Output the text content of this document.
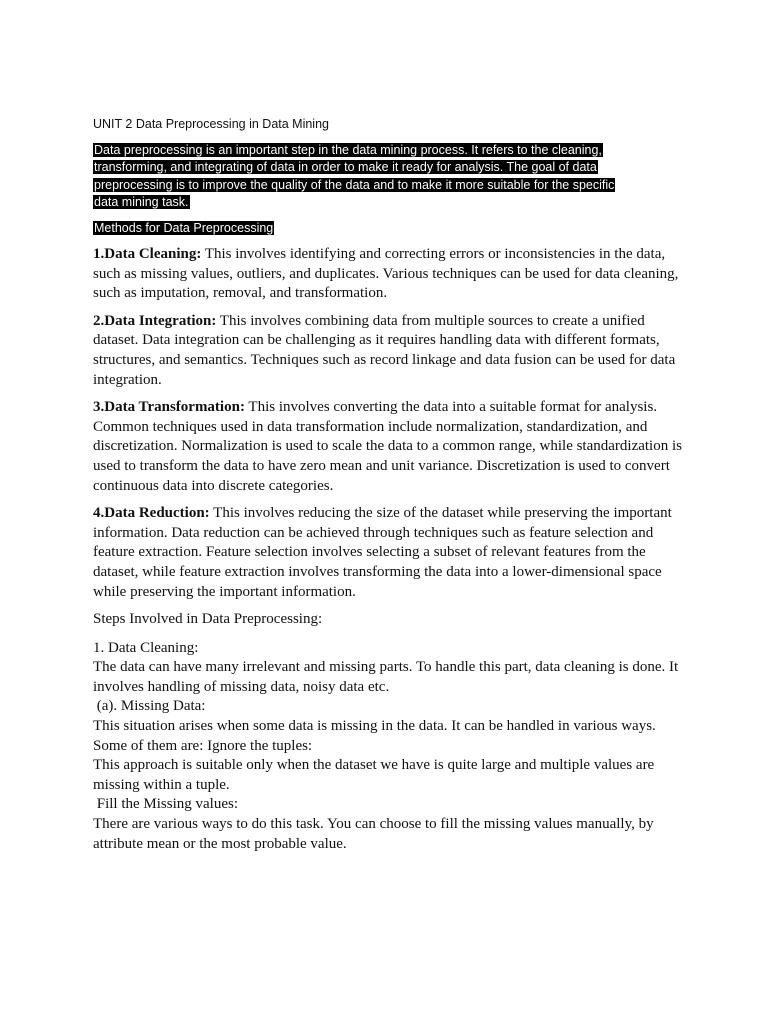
UNIT 2 Data Preprocessing in Data Mining
Data preprocessing is an important step in the data mining process. It refers to the cleaning, transforming, and integrating of data in order to make it ready for analysis. The goal of data preprocessing is to improve the quality of the data and to make it more suitable for the specific data mining task.
Methods for Data Preprocessing
1.Data Cleaning: This involves identifying and correcting errors or inconsistencies in the data, such as missing values, outliers, and duplicates. Various techniques can be used for data cleaning, such as imputation, removal, and transformation.
2.Data Integration: This involves combining data from multiple sources to create a unified dataset. Data integration can be challenging as it requires handling data with different formats, structures, and semantics. Techniques such as record linkage and data fusion can be used for data integration.
3.Data Transformation: This involves converting the data into a suitable format for analysis. Common techniques used in data transformation include normalization, standardization, and discretization. Normalization is used to scale the data to a common range, while standardization is used to transform the data to have zero mean and unit variance. Discretization is used to convert continuous data into discrete categories.
4.Data Reduction: This involves reducing the size of the dataset while preserving the important information. Data reduction can be achieved through techniques such as feature selection and feature extraction. Feature selection involves selecting a subset of relevant features from the dataset, while feature extraction involves transforming the data into a lower-dimensional space while preserving the important information.
Steps Involved in Data Preprocessing:
1. Data Cleaning:
The data can have many irrelevant and missing parts. To handle this part, data cleaning is done. It involves handling of missing data, noisy data etc.
(a). Missing Data:
This situation arises when some data is missing in the data. It can be handled in various ways.
Some of them are: Ignore the tuples:
This approach is suitable only when the dataset we have is quite large and multiple values are missing within a tuple.
Fill the Missing values:
There are various ways to do this task. You can choose to fill the missing values manually, by attribute mean or the most probable value.
